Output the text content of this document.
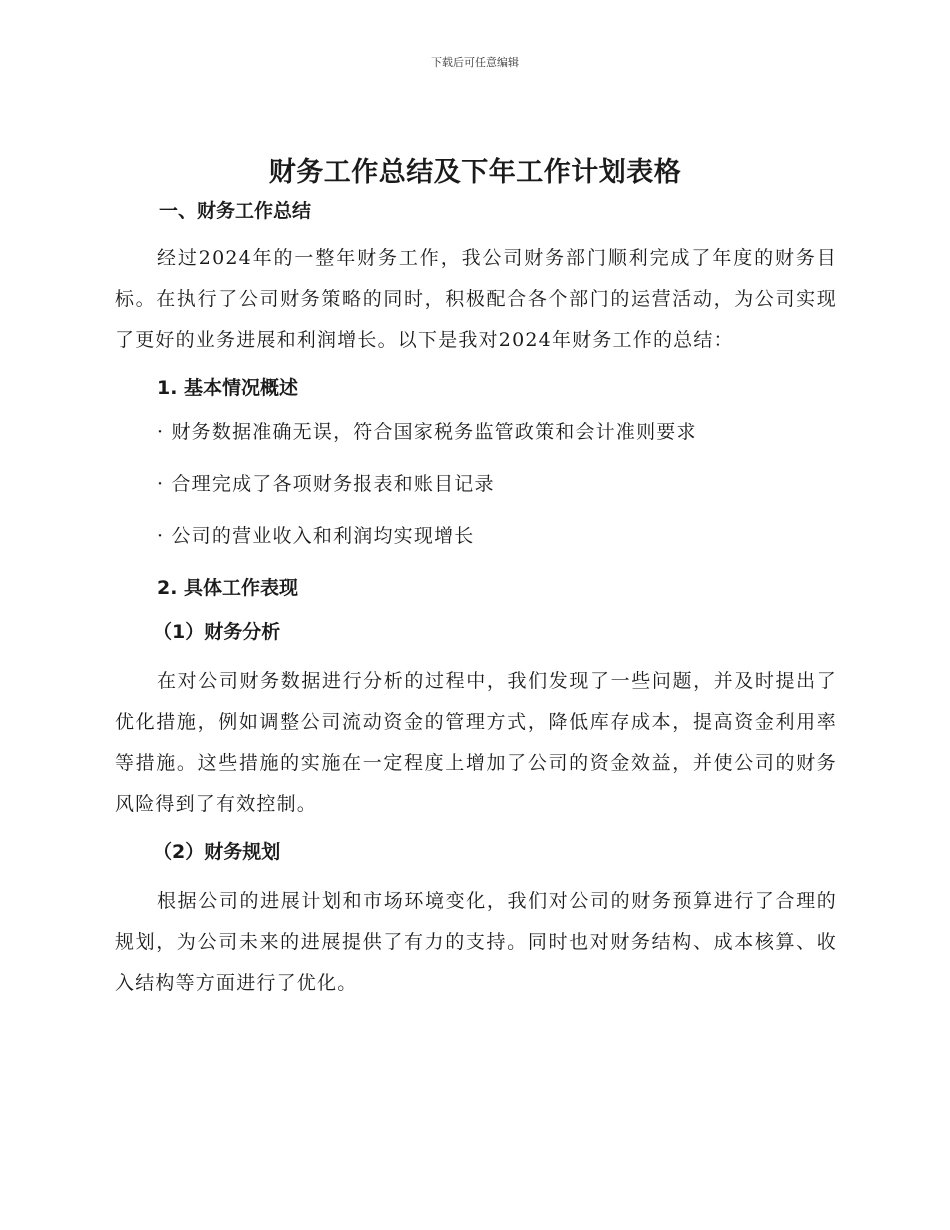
下载后可任意编辑
财务工作总结及下年工作计划表格
一、财务工作总结
经过2024年的一整年财务工作，我公司财务部门顺利完成了年度的财务目标。在执行了公司财务策略的同时，积极配合各个部门的运营活动，为公司实现了更好的业务进展和利润增长。以下是我对2024年财务工作的总结：
1. 基本情况概述
· 财务数据准确无误，符合国家税务监管政策和会计准则要求
· 合理完成了各项财务报表和账目记录
· 公司的营业收入和利润均实现增长
2. 具体工作表现
（1）财务分析
在对公司财务数据进行分析的过程中，我们发现了一些问题，并及时提出了优化措施，例如调整公司流动资金的管理方式，降低库存成本，提高资金利用率等措施。这些措施的实施在一定程度上增加了公司的资金效益，并使公司的财务风险得到了有效控制。
（2）财务规划
根据公司的进展计划和市场环境变化，我们对公司的财务预算进行了合理的规划，为公司未来的进展提供了有力的支持。同时也对财务结构、成本核算、收入结构等方面进行了优化。
